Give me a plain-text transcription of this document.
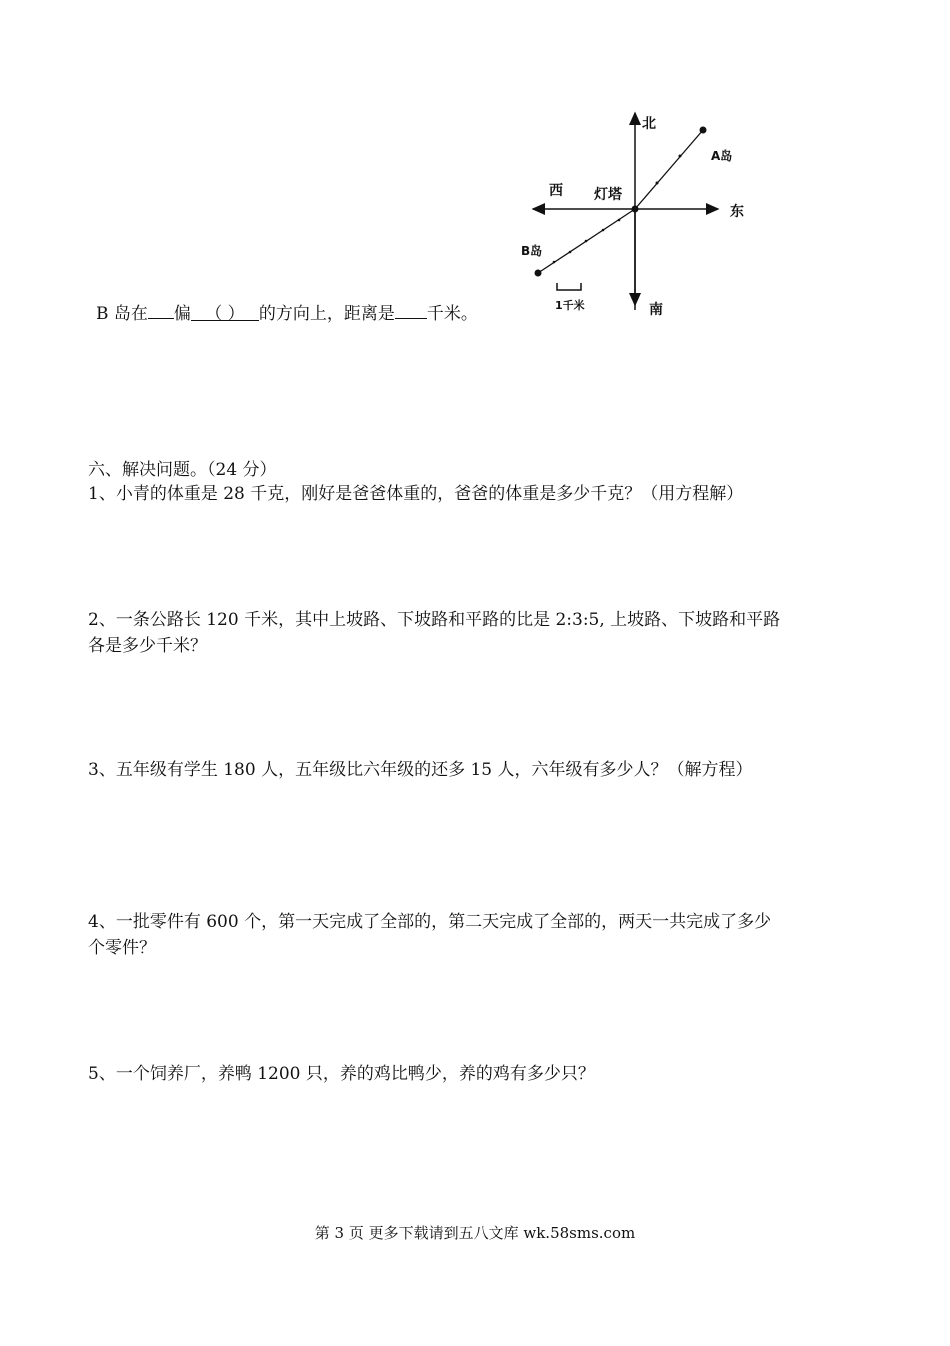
北
南
东
西 灯塔
A岛
B岛
1千米
B 岛在 偏 （ ） 的方向上，距离是 千米。
六、解决问题。（24 分）
1、小青的体重是 28 千克，刚好是爸爸体重的，爸爸的体重是多少千克？（用方程解）
2、一条公路长 120 千米，其中上坡路、下坡路和平路的比是 2:3:5, 上坡路、下坡路和平路
各是多少千米？
3、五年级有学生 180 人，五年级比六年级的还多 15 人，六年级有多少人？（解方程）
4、一批零件有 600 个，第一天完成了全部的，第二天完成了全部的，两天一共完成了多少
个零件？
5、一个饲养厂，养鸭 1200 只，养的鸡比鸭少，养的鸡有多少只？
第 3 页 更多下载请到五八文库 wk.58sms.com
